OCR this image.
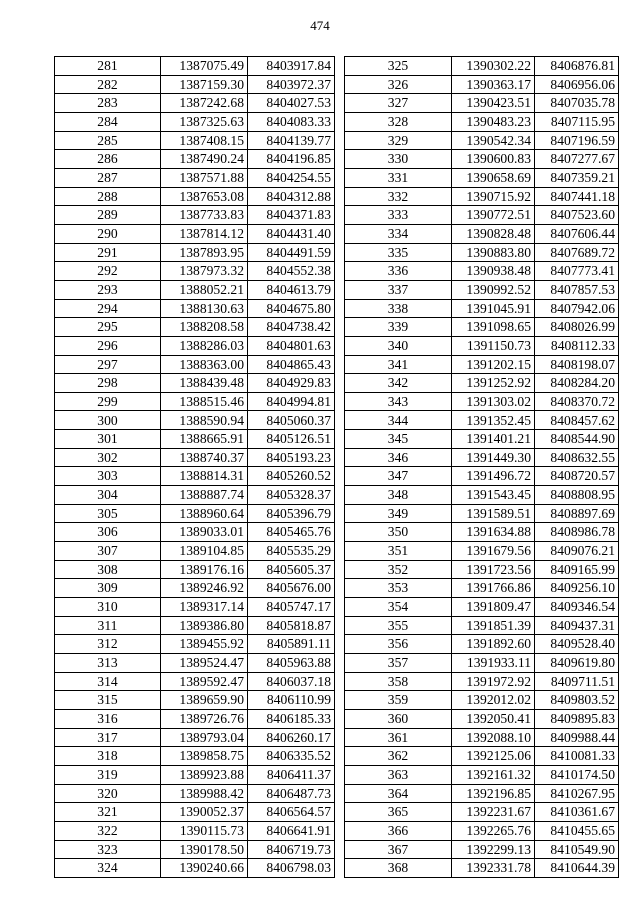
474
281	1387075.49	8403917.84
282	1387159.30	8403972.37
283	1387242.68	8404027.53
284	1387325.63	8404083.33
285	1387408.15	8404139.77
286	1387490.24	8404196.85
287	1387571.88	8404254.55
288	1387653.08	8404312.88
289	1387733.83	8404371.83
290	1387814.12	8404431.40
291	1387893.95	8404491.59
292	1387973.32	8404552.38
293	1388052.21	8404613.79
294	1388130.63	8404675.80
295	1388208.58	8404738.42
296	1388286.03	8404801.63
297	1388363.00	8404865.43
298	1388439.48	8404929.83
299	1388515.46	8404994.81
300	1388590.94	8405060.37
301	1388665.91	8405126.51
302	1388740.37	8405193.23
303	1388814.31	8405260.52
304	1388887.74	8405328.37
305	1388960.64	8405396.79
306	1389033.01	8405465.76
307	1389104.85	8405535.29
308	1389176.16	8405605.37
309	1389246.92	8405676.00
310	1389317.14	8405747.17
311	1389386.80	8405818.87
312	1389455.92	8405891.11
313	1389524.47	8405963.88
314	1389592.47	8406037.18
315	1389659.90	8406110.99
316	1389726.76	8406185.33
317	1389793.04	8406260.17
318	1389858.75	8406335.52
319	1389923.88	8406411.37
320	1389988.42	8406487.73
321	1390052.37	8406564.57
322	1390115.73	8406641.91
323	1390178.50	8406719.73
324	1390240.66	8406798.03
325	1390302.22	8406876.81
326	1390363.17	8406956.06
327	1390423.51	8407035.78
328	1390483.23	8407115.95
329	1390542.34	8407196.59
330	1390600.83	8407277.67
331	1390658.69	8407359.21
332	1390715.92	8407441.18
333	1390772.51	8407523.60
334	1390828.48	8407606.44
335	1390883.80	8407689.72
336	1390938.48	8407773.41
337	1390992.52	8407857.53
338	1391045.91	8407942.06
339	1391098.65	8408026.99
340	1391150.73	8408112.33
341	1391202.15	8408198.07
342	1391252.92	8408284.20
343	1391303.02	8408370.72
344	1391352.45	8408457.62
345	1391401.21	8408544.90
346	1391449.30	8408632.55
347	1391496.72	8408720.57
348	1391543.45	8408808.95
349	1391589.51	8408897.69
350	1391634.88	8408986.78
351	1391679.56	8409076.21
352	1391723.56	8409165.99
353	1391766.86	8409256.10
354	1391809.47	8409346.54
355	1391851.39	8409437.31
356	1391892.60	8409528.40
357	1391933.11	8409619.80
358	1391972.92	8409711.51
359	1392012.02	8409803.52
360	1392050.41	8409895.83
361	1392088.10	8409988.44
362	1392125.06	8410081.33
363	1392161.32	8410174.50
364	1392196.85	8410267.95
365	1392231.67	8410361.67
366	1392265.76	8410455.65
367	1392299.13	8410549.90
368	1392331.78	8410644.39
